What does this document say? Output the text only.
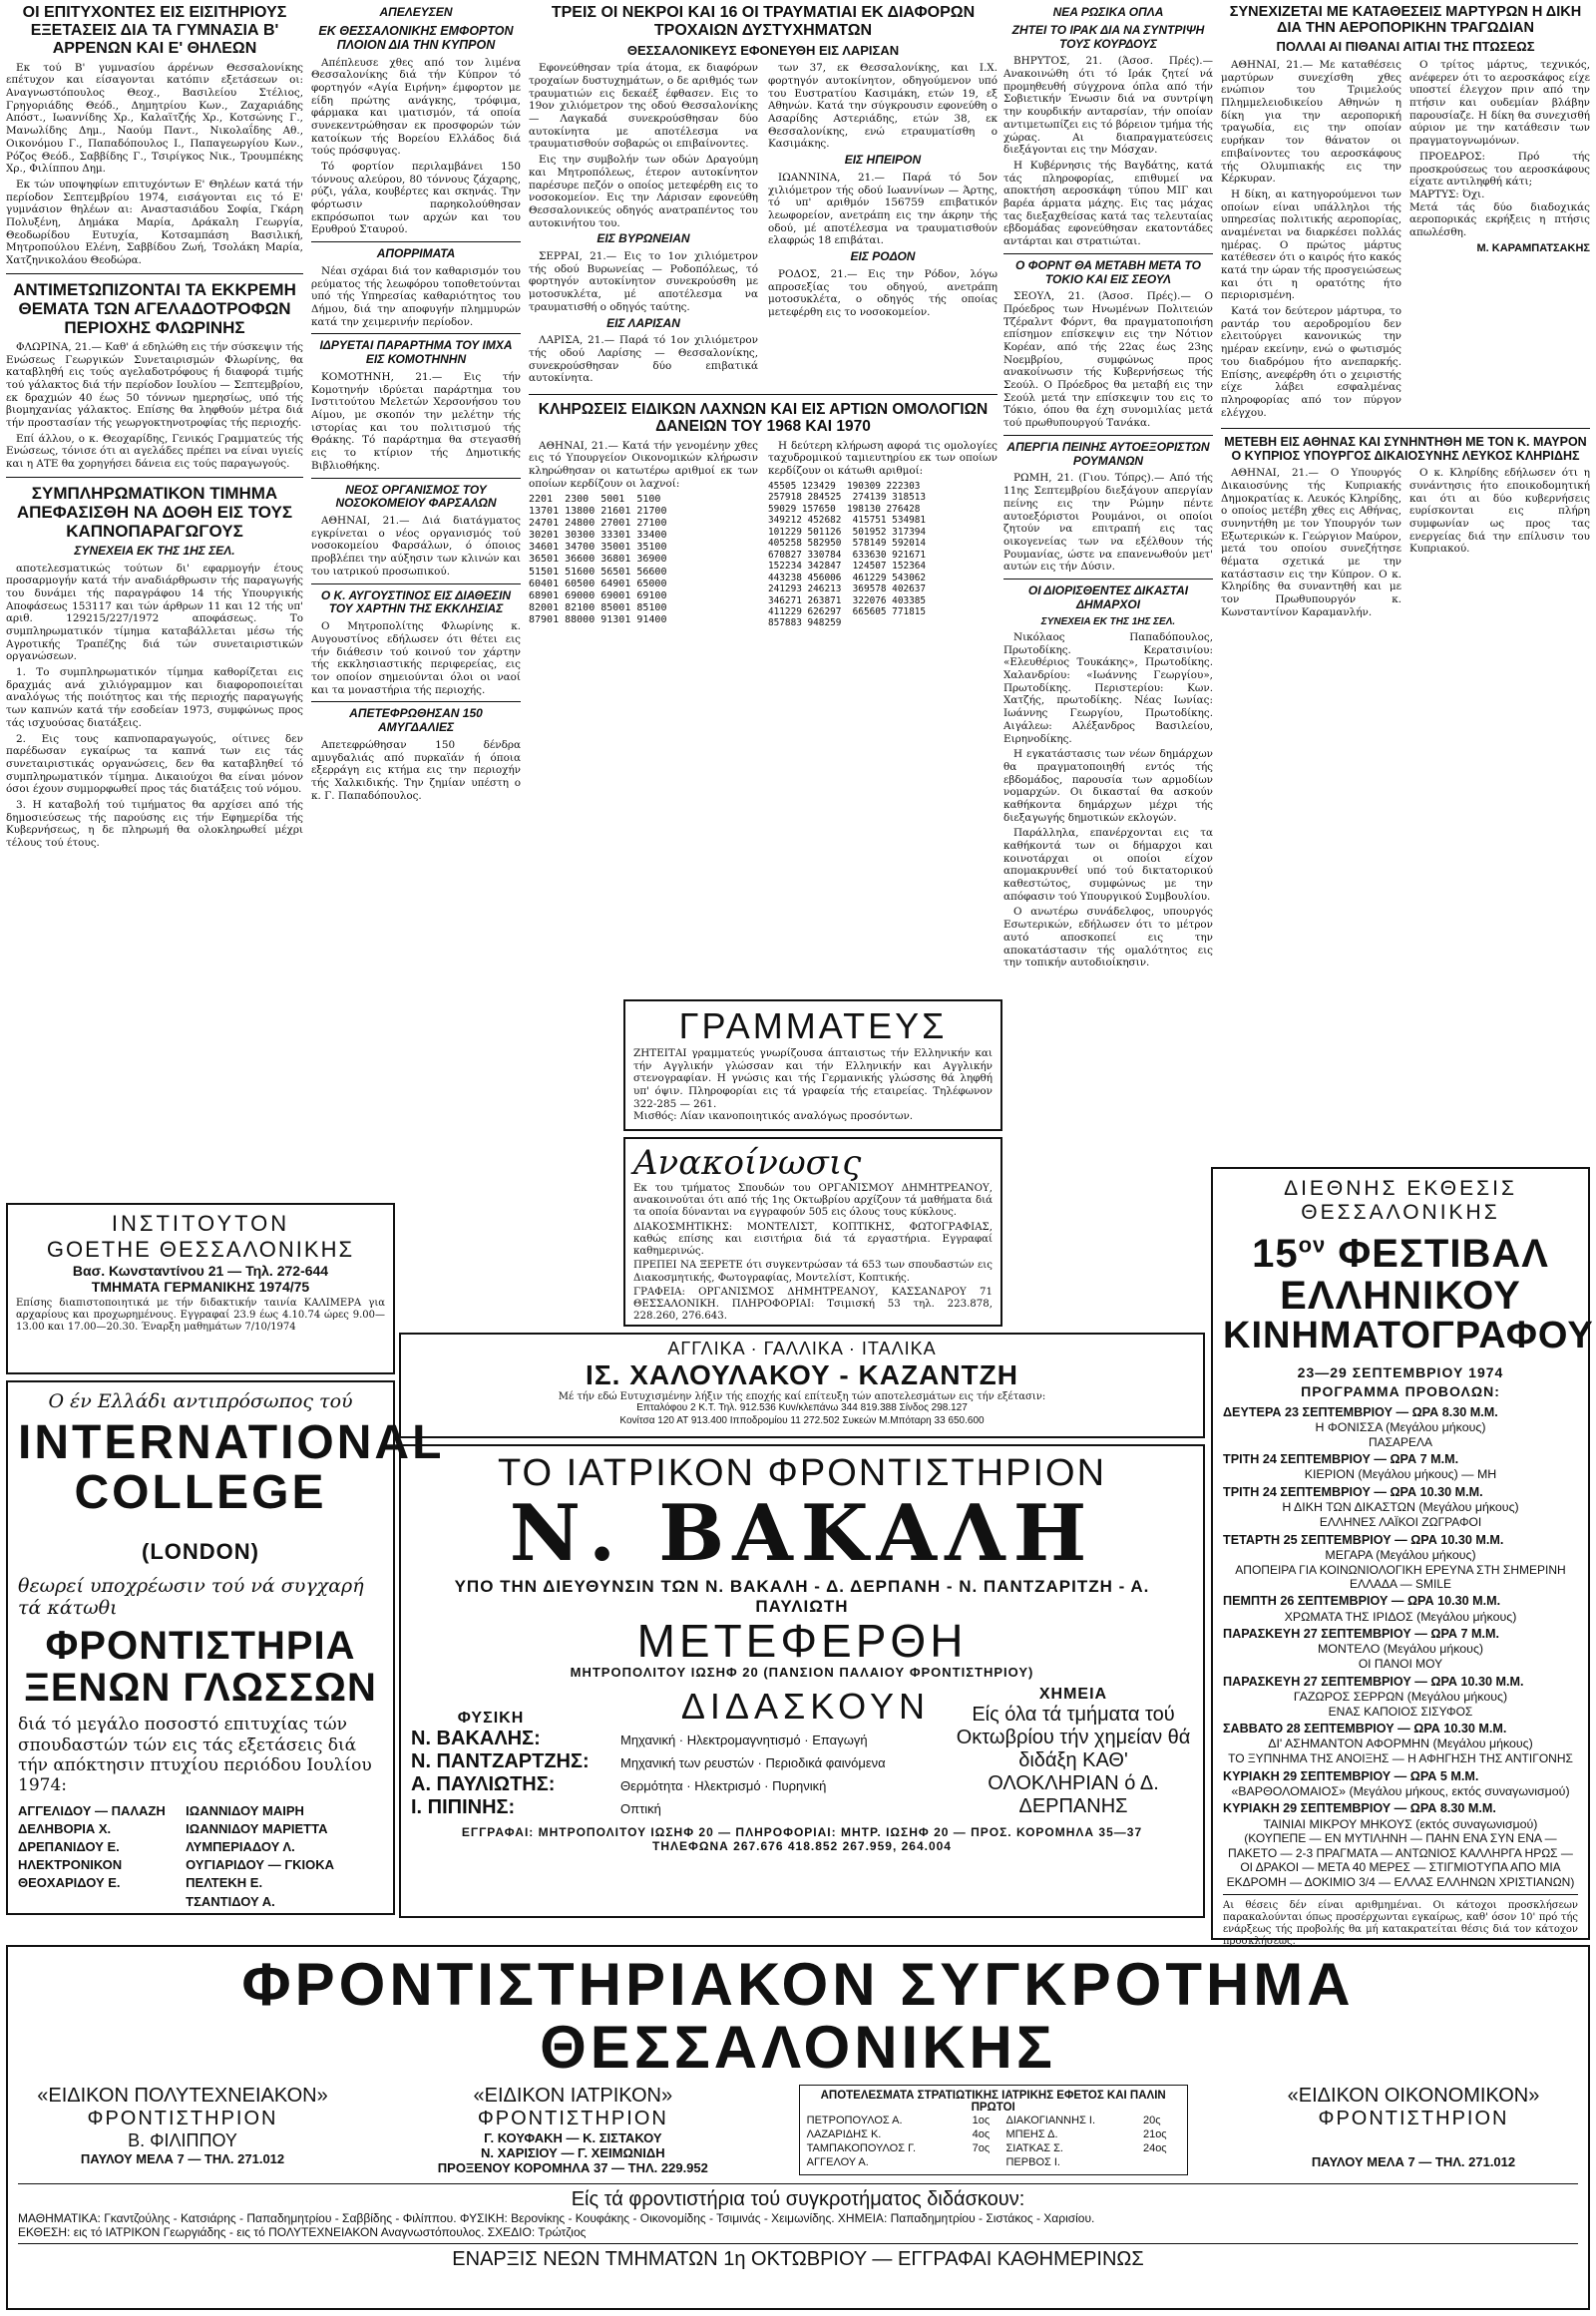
ΟΙ ΕΠΙΤΥΧΟΝΤΕΣ ΕΙΣ ΕΙΣΙΤΗΡΙΟΥΣ ΕΞΕΤΑΣΕΙΣ ΔΙΑ ΤΑ ΓΥΜΝΑΣΙΑ Β' ΑΡΡΕΝΩΝ ΚΑΙ Ε' ΘΗΛΕΩΝ

Εκ τού Β' γυμνασίου άρρένων Θεσσαλονίκης επέτυχον και είσαγονται κατόπιν εξετάσεων οι: Αναγνωστόπουλος Θεοχ., Βασιλείου Στέλιος, Γρηγοριάδης Θεόδ., Δημητρίου Κων., Ζαχαριάδης Απόστ., Ιωαννίδης Χρ., Καλαϊτζής Χρ., Κοτσώνης Γ., Μανωλίδης Δημ., Ναούμ Παντ., Νικολαΐδης Αθ., Οικονόμου Γ., Παπαδόπουλος Ι., Παπαγεωργίου Κων., Ρόζος Θεόδ., Σαββίδης Γ., Τσιρίγκος Νικ., Τρουμπέκης Χρ., Φιλίππου Δημ.

Εκ τών υποψηφίων επιτυχόντων Ε' Θηλέων κατά τήν περίοδον Σεπτεμβρίου 1974, εισάγονται εις τό Ε' γυμνάσιον θηλέων αι: Αναστασιάδου Σοφία, Γκάρη Πολυξένη, Δημάκα Μαρία, Δράκαλη Γεωργία, Θεοδωρίδου Ευτυχία, Κοτσαμπάση Βασιλική, Μητροπούλου Ελένη, Σαββίδου Ζωή, Τσολάκη Μαρία, Χατζηνικολάου Θεοδώρα.

ΑΝΤΙΜΕΤΩΠΙΖΟΝΤΑΙ ΤΑ ΕΚΚΡΕΜΗ ΘΕΜΑΤΑ ΤΩΝ ΑΓΕΛΑΔΟΤΡΟΦΩΝ ΠΕΡΙΟΧΗΣ ΦΛΩΡΙΝΗΣ

ΦΛΩΡΙΝΑ, 21.— Καθ' ά εδηλώθη εις τήν σύσκεψιν τής Ενώσεως Γεωργικών Συνεταιρισμών Φλωρίνης, θα καταβληθή εις τούς αγελαδοτρόφους ή διαφορά τιμής τού γάλακτος διά τήν περίοδον Ιουλίου — Σεπτεμβρίου, εκ δραχμών 40 έως 50 τόννων ημερησίως, υπό τής βιομηχανίας γάλακτος. Επίσης θα ληφθούν μέτρα διά τήν προστασίαν τής γεωργοκτηνοτροφίας τής περιοχής.

Επί άλλου, ο κ. Θεοχαρίδης, Γενικός Γραμματεύς τής Ενώσεως, τόνισε ότι αι αγελάδες πρέπει να είναι υγιείς και η ΑΤΕ θα χορηγήσει δάνεια εις τούς παραγωγούς.

ΣΥΜΠΛΗΡΩΜΑΤΙΚΟΝ ΤΙΜΗΜΑ ΑΠΕΦΑΣΙΣΘΗ ΝΑ ΔΟΘΗ ΕΙΣ ΤΟΥΣ ΚΑΠΝΟΠΑΡΑΓΩΓΟΥΣ
ΣΥΝΕΧΕΙΑ ΕΚ ΤΗΣ 1ΗΣ ΣΕΛ.

αποτελεσματικώς τούτων δι' εφαρμογήν έτους προσαρμογήν κατά τήν αναδιάρθρωσιν τής παραγωγής του δυνάμει τής παραγράφου 14 τής Υπουργικής Αποφάσεως 153117 και τών άρθρων 11 και 12 τής υπ' αριθ. 129215/227/1972 αποφάσεως. Το συμπληρωματικόν τίμημα καταβάλλεται μέσω τής Αγροτικής Τραπέζης διά τών συνεταιριστικών οργανώσεων.

1. Το συμπληρωματικόν τίμημα καθορίζεται εις δραχμάς ανά χιλιόγραμμον και διαφοροποιείται αναλόγως τής ποιότητος και τής περιοχής παραγωγής των καπνών κατά τήν εσοδείαν 1973, συμφώνως προς τάς ισχυούσας διατάξεις.

2. Εις τους καπνοπαραγωγούς, οίτινες δεν παρέδωσαν εγκαίρως τα καπνά των εις τάς συνεταιριστικάς οργανώσεις, δεν θα καταβληθεί τό συμπληρωματικόν τίμημα. Δικαιούχοι θα είναι μόνον όσοι έχουν συμμορφωθεί προς τάς διατάξεις τού νόμου.

3. Η καταβολή τού τιμήματος θα αρχίσει από τής δημοσιεύσεως τής παρούσης εις τήν Εφημερίδα τής Κυβερνήσεως, η δε πληρωμή θα ολοκληρωθεί μέχρι τέλους τού έτους.

ΑΠΕΛΕΥΣΕΝ
ΕΚ ΘΕΣΣΑΛΟΝΙΚΗΣ ΕΜΦΟΡΤΟΝ ΠΛΟΙΟΝ ΔΙΑ ΤΗΝ ΚΥΠΡΟΝ

Απέπλευσε χθες από τον λιμένα Θεσσαλονίκης διά τήν Κύπρον τό φορτηγόν «Αγία Ειρήνη» έμφορτον με είδη πρώτης ανάγκης, τρόφιμα, φάρμακα και ιματισμόν, τά οποία συνεκεντρώθησαν εκ προσφορών τών κατοίκων τής Βορείου Ελλάδος διά τούς πρόσφυγας.

Τό φορτίον περιλαμβάνει 150 τόννους αλεύρου, 80 τόννους ζάχαρης, ρύζι, γάλα, κουβέρτες και σκηνάς. Την φόρτωσιν παρηκολούθησαν εκπρόσωποι των αρχών και του Ερυθρού Σταυρού.

ΑΠΟΡΡΙΜΑΤΑ

Νέαι σχάραι διά τον καθαρισμόν του ρεύματος τής λεωφόρου τοποθετούνται υπό τής Υπηρεσίας καθαριότητος του Δήμου, διά την αποφυγήν πλημμυρών κατά την χειμερινήν περίοδον.

ΙΔΡΥΕΤΑΙ ΠΑΡΑΡΤΗΜΑ ΤΟΥ ΙΜΧΑ ΕΙΣ ΚΟΜΟΤΗΝΗΝ

ΚΟΜΟΤΗΝΗ, 21.— Εις τήν Κομοτηνήν ιδρύεται παράρτημα του Ινστιτούτου Μελετών Χερσονήσου του Αίμου, με σκοπόν την μελέτην τής ιστορίας και του πολιτισμού τής Θράκης. Τό παράρτημα θα στεγασθή εις το κτίριον τής Δημοτικής Βιβλιοθήκης.

ΝΕΟΣ ΟΡΓΑΝΙΣΜΟΣ ΤΟΥ ΝΟΣΟΚΟΜΕΙΟΥ ΦΑΡΣΑΛΩΝ

ΑΘΗΝΑΙ, 21.— Διά διατάγματος εγκρίνεται ο νέος οργανισμός τού νοσοκομείου Φαρσάλων, ό όποιος προβλέπει την αύξησιν των κλινών και του ιατρικού προσωπικού.

Ο Κ. ΑΥΓΟΥΣΤΙΝΟΣ ΕΙΣ ΔΙΑΘΕΣΙΝ ΤΟΥ ΧΑΡΤΗΝ ΤΗΣ ΕΚΚΛΗΣΙΑΣ

Ο Μητροπολίτης Φλωρίνης κ. Αυγουστίνος εδήλωσεν ότι θέτει εις τήν διάθεσιν τού κοινού τον χάρτην τής εκκλησιαστικής περιφερείας, εις τον οποίον σημειούνται όλοι οι ναοί και τα μοναστήρια τής περιοχής.

ΑΠΕΤΕΦΡΩΘΗΣΑΝ 150 ΑΜΥΓΔΑΛΙΕΣ

Απετεφρώθησαν 150 δένδρα αμυγδαλιάς από πυρκαϊάν ή όποια εξερράγη εις κτήμα εις την περιοχήν τής Χαλκιδικής. Την ζημίαν υπέστη ο κ. Γ. Παπαδόπουλος.

ΤΡΕΙΣ ΟΙ ΝΕΚΡΟΙ ΚΑΙ 16 ΟΙ ΤΡΑΥΜΑΤΙΑΙ ΕΚ ΔΙΑΦΟΡΩΝ ΤΡΟΧΑΙΩΝ ΔΥΣΤΥΧΗΜΑΤΩΝ
ΘΕΣΣΑΛΟΝΙΚΕΥΣ ΕΦΟΝΕΥΘΗ ΕΙΣ ΛΑΡΙΣΑΝ

Εφονεύθησαν τρία άτομα, εκ διαφόρων τροχαίων δυστυχημάτων, ο δε αριθμός των τραυματιών εις δεκαέξ έφθασεν. Εις το 19ον χιλιόμετρον της οδού Θεσσαλονίκης — Λαγκαδά συνεκρούσθησαν δύο αυτοκίνητα με αποτέλεσμα να τραυματισθούν σοβαρώς οι επιβαίνοντες.

Εις την συμβολήν των οδών Δραγούμη και Μητροπόλεως, έτερον αυτοκίνητον παρέσυρε πεζόν ο οποίος μετεφέρθη εις το νοσοκομείον. Εις την Λάρισαν εφονεύθη Θεσσαλονικεύς οδηγός ανατραπέντος του αυτοκινήτου του.

ΕΙΣ ΒΥΡΩΝΕΙΑΝ

ΣΕΡΡΑΙ, 21.— Εις το 1ον χιλιόμετρον τής οδού Βυρωνείας — Ροδοπόλεως, τό φορτηγόν αυτοκίνητον συνεκρούσθη με μοτοσυκλέτα, μέ αποτέλεσμα να τραυματισθή ο οδηγός ταύτης.

ΕΙΣ ΛΑΡΙΣΑΝ

ΛΑΡΙΣΑ, 21.— Παρά τό 1ον χιλιόμετρον τής οδού Λαρίσης — Θεσσαλονίκης, συνεκρούσθησαν δύο επιβατικά αυτοκίνητα.

των 37, εκ Θεσσαλονίκης, και Ι.Χ. φορτηγόν αυτοκίνητον, οδηγούμενον υπό του Ευστρατίου Κασιμάκη, ετών 19, εξ Αθηνών. Κατά την σύγκρουσιν εφονεύθη ο Ασαρίδης Αστεριάδης, ετών 38, εκ Θεσσαλονίκης, ενώ ετραυματίσθη ο Κασιμάκης.

ΕΙΣ ΗΠΕΙΡΟΝ

ΙΩΑΝΝΙΝΑ, 21.— Παρά τό 5ον χιλιόμετρον τής οδού Ιωαννίνων — Άρτης, τό υπ' αριθμόν 156759 επιβατικόν λεωφορείον, ανετράπη εις την άκρην τής οδού, μέ αποτέλεσμα να τραυματισθούν ελαφρώς 18 επιβάται.

ΕΙΣ ΡΟΔΟΝ

ΡΟΔΟΣ, 21.— Εις την Ρόδον, λόγω απροσεξίας του οδηγού, ανετράπη μοτοσυκλέτα, ο οδηγός τής οποίας μετεφέρθη εις το νοσοκομείον.

ΚΛΗΡΩΣΕΙΣ ΕΙΔΙΚΩΝ ΛΑΧΝΩΝ ΚΑΙ ΕΙΣ ΑΡΤΙΩΝ ΟΜΟΛΟΓΙΩΝ ΔΑΝΕΙΩΝ ΤΟΥ 1968 ΚΑΙ 1970

ΑΘΗΝΑΙ, 21.— Κατά τήν γενομένην χθες εις τό Υπουργείον Οικονομικών κλήρωσιν κληρώθησαν οι κατωτέρω αριθμοί εκ των οποίων κερδίζουν οι λαχνοί:

2201  2300  5001  5100
13701 13800 21601 21700
24701 24800 27001 27100
30201 30300 33301 33400
34601 34700 35001 35100
36501 36600 36801 36900
51501 51600 56501 56600
60401 60500 64901 65000
68901 69000 69001 69100
82001 82100 85001 85100
87901 88000 91301 91400

Η δεύτερη κλήρωση αφορά τις ομολογίες ταχυδρομικού ταμιευτηρίου εκ των οποίων κερδίζουν οι κάτωθι αριθμοί:

45505 123429  190309 222303
257918 284525  274139 318513
59029 157650  198130 276428
349212 452682  415751 534981
101229 501126  501952 317394
405258 582950  578149 592014
670827 330784  633630 921671
152234 342847  124507 152364
443238 456006  461229 543062
241293 246213  369578 402637
346271 263871  322076 403385
411229 626297  665605 771815
857883 948259
ΝΕΑ ΡΩΣΙΚΑ ΟΠΛΑ
ΖΗΤΕΙ ΤΟ ΙΡΑΚ ΔΙΑ ΝΑ ΣΥΝΤΡΙΨΗ ΤΟΥΣ ΚΟΥΡΔΟΥΣ

ΒΗΡΥΤΟΣ, 21. (Άσοσ. Πρές).— Ανακοινώθη ότι τό Ιράκ ζητεί νά προμηθευθή σύγχρονα όπλα από τήν Σοβιετικήν Ένωσιν διά να συντρίψη την κουρδικήν ανταρσίαν, τήν οποίαν αντιμετωπίζει εις τό βόρειον τμήμα τής χώρας. Αι διαπραγματεύσεις διεξάγονται εις την Μόσχαν.

Η Κυβέρνησις τής Βαγδάτης, κατά τάς πληροφορίας, επιθυμεί να αποκτήση αεροσκάφη τύπου ΜΙΓ και βαρέα άρματα μάχης. Εις τας μάχας τας διεξαχθείσας κατά τας τελευταίας εβδομάδας εφονεύθησαν εκατοντάδες αντάρται και στρατιώται.

Ο ΦΟΡΝΤ ΘΑ ΜΕΤΑΒΗ ΜΕΤΑ ΤΟ ΤΟΚΙΟ ΚΑΙ ΕΙΣ ΣΕΟΥΛ

ΣΕΟΥΛ, 21. (Άσοσ. Πρές).— Ο Πρόεδρος των Ηνωμένων Πολιτειών Τζέραλντ Φόρντ, θα πραγματοποιήση επίσημον επίσκεψιν εις την Νότιον Κορέαν, από τής 22ας έως 23ης Νοεμβρίου, συμφώνως προς ανακοίνωσιν τής Κυβερνήσεως τής Σεούλ. Ο Πρόεδρος θα μεταβή εις την Σεούλ μετά την επίσκεψιν του εις το Τόκιο, όπου θα έχη συνομιλίας μετά τού πρωθυπουργού Τανάκα.

ΑΠΕΡΓΙΑ ΠΕΙΝΗΣ ΑΥΤΟΕΞΟΡΙΣΤΩΝ ΡΟΥΜΑΝΩΝ

ΡΩΜΗ, 21. (Γιου. Τόπρς).— Από τής 11ης Σεπτεμβρίου διεξάγουν απεργίαν πείνης εις την Ρώμην πέντε αυτοεξόριστοι Ρουμάνοι, οι οποίοι ζητούν να επιτραπή εις τας οικογενείας των να εξέλθουν τής Ρουμανίας, ώστε να επανενωθούν μετ' αυτών εις τήν Δύσιν.

ΟΙ ΔΙΟΡΙΣΘΕΝΤΕΣ ΔΙΚΑΣΤΑΙ ΔΗΜΑΡΧΟΙ
ΣΥΝΕΧΕΙΑ ΕΚ ΤΗΣ 1ΗΣ ΣΕΛ.

Νικόλαος Παπαδόπουλος, Πρωτοδίκης. Κερατσινίου: «Ελευθέριος Τουκάκης», Πρωτοδίκης. Χαλανδρίου: «Ιωάννης Γεωργίου», Πρωτοδίκης. Περιστερίου: Κων. Χατζής, πρωτοδίκης. Νέας Ιωνίας: Ιωάννης Γεωργίου, Πρωτοδίκης. Αιγάλεω: Αλέξανδρος Βασιλείου, Ειρηνοδίκης.

Η εγκατάστασις των νέων δημάρχων θα πραγματοποιηθή εντός τής εβδομάδος, παρουσία των αρμοδίων νομαρχών. Οι δικασταί θα ασκούν καθήκοντα δημάρχων μέχρι τής διεξαγωγής δημοτικών εκλογών.

Παράλληλα, επανέρχονται εις τα καθήκοντά των οι δήμαρχοι και κοινοτάρχαι οι οποίοι είχον απομακρυνθεί υπό τού δικτατορικού καθεστώτος, συμφώνως με την απόφασιν τού Υπουργικού Συμβουλίου.

Ο ανωτέρω συνάδελφος, υπουργός Εσωτερικών, εδήλωσεν ότι το μέτρον αυτό αποσκοπεί εις την αποκατάστασιν τής ομαλότητος εις την τοπικήν αυτοδιοίκησιν.

ΣΥΝΕΧΙΖΕΤΑΙ ΜΕ ΚΑΤΑΘΕΣΕΙΣ ΜΑΡΤΥΡΩΝ Η ΔΙΚΗ ΔΙΑ ΤΗΝ ΑΕΡΟΠΟΡΙΚΗΝ ΤΡΑΓΩΔΙΑΝ
ΠΟΛΛΑΙ ΑΙ ΠΙΘΑΝΑΙ ΑΙΤΙΑΙ ΤΗΣ ΠΤΩΣΕΩΣ

ΑΘΗΝΑΙ, 21.— Με καταθέσεις μαρτύρων συνεχίσθη χθες ενώπιον του Τριμελούς Πλημμελειοδικείου Αθηνών η δίκη για την αεροπορική τραγωδία, εις την οποίαν ευρήκαν τον θάνατον οι επιβαίνοντες του αεροσκάφους τής Ολυμπιακής εις την Κέρκυραν.

Η δίκη, αι κατηγορούμενοι των οποίων είναι υπάλληλοι τής υπηρεσίας πολιτικής αεροπορίας, αναμένεται να διαρκέσει πολλάς ημέρας. Ο πρώτος μάρτυς κατέθεσεν ότι ο καιρός ήτο κακός κατά την ώραν τής προσγειώσεως και ότι η ορατότης ήτο περιορισμένη.

Κατά τον δεύτερον μάρτυρα, το ραντάρ του αεροδρομίου δεν ελειτούργει κανονικώς την ημέραν εκείνην, ενώ ο φωτισμός του διαδρόμου ήτο ανεπαρκής. Επίσης, ανεφέρθη ότι ο χειριστής είχε λάβει εσφαλμένας πληροφορίας από τον πύργον ελέγχου.

Ο τρίτος μάρτυς, τεχνικός, ανέφερεν ότι το αεροσκάφος είχε υποστεί έλεγχον πριν από την πτήσιν και ουδεμίαν βλάβην παρουσίαζε. Η δίκη θα συνεχισθή αύριον με την κατάθεσιν των πραγματογνωμόνων.

ΠΡΟΕΔΡΟΣ: Πρό τής προσκρούσεως του αεροσκάφους είχατε αντιληφθή κάτι;
ΜΑΡΤΥΣ: Όχι.
Μετά τάς δύο διαδοχικάς αεροπορικάς εκρήξεις η πτήσις απωλέσθη.

Μ. ΚΑΡΑΜΠΑΤΣΑΚΗΣ
ΜΕΤΕΒΗ ΕΙΣ ΑΘΗΝΑΣ ΚΑΙ ΣΥΝΗΝΤΗΘΗ ΜΕ ΤΟΝ Κ. ΜΑΥΡΟΝ Ο ΚΥΠΡΙΟΣ ΥΠΟΥΡΓΟΣ ΔΙΚΑΙΟΣΥΝΗΣ ΛΕΥΚΟΣ ΚΛΗΡΙΔΗΣ

ΑΘΗΝΑΙ, 21.— Ο Υπουργός Δικαιοσύνης τής Κυπριακής Δημοκρατίας κ. Λευκός Κληρίδης, ο οποίος μετέβη χθες εις Αθήνας, συνηντήθη με τον Υπουργόν των Εξωτερικών κ. Γεώργιον Μαύρον, μετά του οποίου συνεζήτησε θέματα σχετικά με την κατάστασιν εις την Κύπρον. Ο κ. Κληρίδης θα συναντηθή και με τον Πρωθυπουργόν κ. Κωνσταντίνον Καραμανλήν.

Ο κ. Κληρίδης εδήλωσεν ότι η συνάντησις ήτο εποικοδομητική και ότι αι δύο κυβερνήσεις ευρίσκονται εις πλήρη συμφωνίαν ως προς τας ενεργείας διά την επίλυσιν του Κυπριακού.

ΔΙΕΘΝΗΣ ΕΚΘΕΣΙΣ
ΘΕΣΣΑΛΟΝΙΚΗΣ
$15^{o\nu}$ ΦΕΣΤΙΒΑΛ
ΕΛΛΗΝΙΚΟΥ
ΚΙΝΗΜΑΤΟΓΡΑΦΟΥ
23—29 ΣΕΠΤΕΜΒΡΙΟΥ 1974
ΠΡΟΓΡΑΜΜΑ ΠΡΟΒΟΛΩΝ:
ΔΕΥΤΕΡΑ 23 ΣΕΠΤΕΜΒΡΙΟΥ — ΩΡΑ 8.30 Μ.Μ.
Η ΦΟΝΙΣΣΑ (Μεγάλου μήκους)
ΠΑΣΑΡΕΛΑ
ΤΡΙΤΗ 24 ΣΕΠΤΕΜΒΡΙΟΥ — ΩΡΑ 7 Μ.Μ.
ΚΙΕΡΙΟΝ (Μεγάλου μήκους) — ΜΗ
ΤΡΙΤΗ 24 ΣΕΠΤΕΜΒΡΙΟΥ — ΩΡΑ 10.30 Μ.Μ.
Η ΔΙΚΗ ΤΩΝ ΔΙΚΑΣΤΩΝ (Μεγάλου μήκους)
ΕΛΛΗΝΕΣ ΛΑΪΚΟΙ ΖΩΓΡΑΦΟΙ
ΤΕΤΑΡΤΗ 25 ΣΕΠΤΕΜΒΡΙΟΥ — ΩΡΑ 10.30 Μ.Μ.
ΜΕΓΑΡΑ (Μεγάλου μήκους)
ΑΠΟΠΕΙΡΑ ΓΙΑ ΚΟΙΝΩΝΙΟΛΟΓΙΚΗ ΕΡΕΥΝΑ ΣΤΗ ΣΗΜΕΡΙΝΗ ΕΛΛΑΔΑ — SMILE
ΠΕΜΠΤΗ 26 ΣΕΠΤΕΜΒΡΙΟΥ — ΩΡΑ 10.30 Μ.Μ.
ΧΡΩΜΑΤΑ ΤΗΣ ΙΡΙΔΟΣ (Μεγάλου μήκους)
ΠΑΡΑΣΚΕΥΗ 27 ΣΕΠΤΕΜΒΡΙΟΥ — ΩΡΑ 7 Μ.Μ.
ΜΟΝΤΕΛΟ (Μεγάλου μήκους)
ΟΙ ΠΑΝΟΙ ΜΟΥ
ΠΑΡΑΣΚΕΥΗ 27 ΣΕΠΤΕΜΒΡΙΟΥ — ΩΡΑ 10.30 Μ.Μ.
ΓΑΖΩΡΟΣ ΣΕΡΡΩΝ (Μεγάλου μήκους)
ΕΝΑΣ ΚΑΠΟΙΟΣ ΣΙΣΥΦΟΣ
ΣΑΒΒΑΤΟ 28 ΣΕΠΤΕΜΒΡΙΟΥ — ΩΡΑ 10.30 Μ.Μ.
ΔΙ' ΑΣΗΜΑΝΤΟΝ ΑΦΟΡΜΗΝ (Μεγάλου μήκους)
ΤΟ ΞΥΠΝΗΜΑ ΤΗΣ ΑΝΟΙΞΗΣ — Η ΑΦΗΓΗΣΗ ΤΗΣ ΑΝΤΙΓΟΝΗΣ
ΚΥΡΙΑΚΗ 29 ΣΕΠΤΕΜΒΡΙΟΥ — ΩΡΑ 5 Μ.Μ.
«ΒΑΡΘΟΛΟΜΑΙΟΣ» (Μεγάλου μήκους, εκτός συναγωνισμού)
ΚΥΡΙΑΚΗ 29 ΣΕΠΤΕΜΒΡΙΟΥ — ΩΡΑ 8.30 Μ.Μ.
ΤΑΙΝΙΑΙ ΜΙΚΡΟΥ ΜΗΚΟΥΣ (εκτός συναγωνισμού)
(ΚΟΥΠΕΠΕ — ΕΝ ΜΥΤΙΛΗΝΗ — ΠΑΗΝ ΕΝΑ ΣΥΝ ΕΝΑ — ΠΑΚΕΤΟ — 2-3 ΠΡΑΓΜΑΤΑ — ΑΝΤΩΝΙΟΣ ΚΑΛΛΗΡΓΑ ΗΡΩΣ — ΟΙ ΔΡΑΚΟΙ — ΜΕΤΑ 40 ΜΕΡΕΣ — ΣΤΙΓΜΙΟΤΥΠΑ ΑΠΟ ΜΙΑ ΕΚΔΡΟΜΗ — ΔΟΚΙΜΙΟ 3/4 — ΕΛΛΑΣ ΕΛΛΗΝΩΝ ΧΡΙΣΤΙΑΝΩΝ)
Αι θέσεις δέν είναι αριθμημέναι. Οι κάτοχοι προσκλήσεων παρακαλούνται όπως προσέρχωνται εγκαίρως, καθ' όσον 10' πρό τής ενάρξεως τής προβολής θα μή κατακρατείται θέσις διά τον κάτοχον προσκλήσεως.
ΙΝΣΤΙΤΟΥΤΟΝ
GOETHE ΘΕΣΣΑΛΟΝΙΚΗΣ
Βασ. Κωνσταντίνου 21 — Τηλ. 272-644
ΤΜΗΜΑΤΑ ΓΕΡΜΑΝΙΚΗΣ 1974/75
Επίσης διαπιστοποιητικά με τήν διδακτικήν ταινία ΚΑΛΙΜΕΡΑ για αρχαρίους και προχωρημένους. Εγγραφαί 23.9 έως 4.10.74 ώρες 9.00—13.00 και 17.00—20.30. Έναρξη μαθημάτων 7/10/1974
Ο έν Ελλάδι αντιπρόσωπος τού
INTERNATIONAL
COLLEGE (LONDON)
θεωρεί υποχρέωσιν τού νά συγχαρή τά κάτωθι
ΦΡΟΝΤΙΣΤΗΡΙΑ
ΞΕΝΩΝ ΓΛΩΣΣΩΝ
διά τό μεγάλο ποσοστό επιτυχίας τών σπουδαστών τών εις τάς εξετάσεις διά τήν απόκτησιν πτυχίου περιόδου Ιουλίου 1974:
ΑΓΓΕΛΙΔΟΥ — ΠΑΛΑΖΗ
ΔΕΛΗΒΟΡΙΑ Χ.
ΔΡΕΠΑΝΙΔΟΥ Ε.
ΗΛΕΚΤΡΟΝΙΚΟΝ
ΘΕΟΧΑΡΙΔΟΥ Ε.
ΙΩΑΝΝΙΔΟΥ ΜΑΙΡΗ
ΙΩΑΝΝΙΔΟΥ ΜΑΡΙΕΤΤΑ
ΛΥΜΠΕΡΙΑΔΟΥ Λ.
ΟΥΓΙΑΡΙΔΟΥ — ΓΚΙΟΚΑ
ΠΕΛΤΕΚΗ Ε.
ΤΣΑΝΤΙΔΟΥ Α.
ΓΡΑΜΜΑΤΕΥΣ
ΖΗΤΕΙΤΑΙ γραμματεύς γνωρίζουσα άπταιστως τήν Ελληνικήν και τήν Αγγλικήν γλώσσαν και τήν Ελληνικήν και Αγγλικήν στενογραφίαν. Η γνώσις και τής Γερμανικής γλώσσης θά ληφθή υπ' όψιν. Πληροφορίαι εις τά γραφεία τής εταιρείας. Τηλέφωνον 322-285 — 261.
Μισθός: Λίαν ικανοποιητικός αναλόγως προσόντων.
Ανακοίνωσις
Εκ του τμήματος Σπουδών του ΟΡΓΑΝΙΣΜΟΥ ΔΗΜΗΤΡΕΑΝΟΥ, ανακοινούται ότι από τής 1ης Οκτωβρίου αρχίζουν τά μαθήματα διά τα οποία δύνανται να εγγραφούν 505 εις όλους τους κύκλους.
ΔΙΑΚΟΣΜΗΤΙΚΗΣ: ΜΟΝΤΕΛΙΣΤ, ΚΟΠΤΙΚΗΣ, ΦΩΤΟΓΡΑΦΙΑΣ, καθώς επίσης και εισιτήρια διά τά εργαστήρια. Εγγραφαί καθημερινώς.
ΠΡΕΠΕΙ ΝΑ ΞΕΡΕΤΕ ότι συγκεντρώσαν τά 653 των σπουδαστών εις Διακοσμητικής, Φωτογραφίας, Μοντελίστ, Κοπτικής.
ΓΡΑΦΕΙΑ: ΟΡΓΑΝΙΣΜΟΣ ΔΗΜΗΤΡΕΑΝΟΥ, ΚΑΣΣΑΝΔΡΟΥ 71 ΘΕΣΣΑΛΟΝΙΚΗ. ΠΛΗΡΟΦΟΡΙΑΙ: Τσιμισκή 53 τηλ. 223.878, 228.260, 276.643.
ΑΓΓΛΙΚΑ · ΓΑΛΛΙΚΑ · ΙΤΑΛΙΚΑ
ΙΣ. ΧΑΛΟΥΛΑΚΟΥ - ΚΑΖΑΝΤΖΗ
Μέ τήν εδώ Ευτυχισμένην λήξιν τής εποχής καί επίτευξη τών αποτελεσμάτων εις τήν εξέτασιν:
Επταλόφου 2 Κ.Τ. Τηλ. 912.536 Κυν/κλεπάνω 344 819.388 Σίνδος 298.127
Κονίτσα 120 ΑΤ 913.400 Ιπποδρομίου 11 272.502 Συκεών Μ.Μπόταρη 33 650.600
ΤΟ ΙΑΤΡΙΚΟΝ ΦΡΟΝΤΙΣΤΗΡΙΟΝ
Ν. ΒΑΚΑΛΗ
ΥΠΟ ΤΗΝ ΔΙΕΥΘΥΝΣΙΝ ΤΩΝ Ν. ΒΑΚΑΛΗ - Δ. ΔΕΡΠΑΝΗ - Ν. ΠΑΝΤΖΑΡΙΤΖΗ - Α. ΠΑΥΛΙΩΤΗ
ΜΕΤΕΦΕΡΘΗ
ΜΗΤΡΟΠΟΛΙΤΟΥ ΙΩΣΗΦ 20 (ΠΑΝΣΙΟΝ ΠΑΛΑΙΟΥ ΦΡΟΝΤΙΣΤΗΡΙΟΥ)
ΦΥΣΙΚΗ	ΔΙΔΑΣΚΟΥΝ
Ν. ΒΑΚΑΛΗΣ:	Μηχανική · Ηλεκτρομαγνητισμό · Επαγωγή
Ν. ΠΑΝΤΖΑΡΤΖΗΣ:	Μηχανική των ρευστών · Περιοδικά φαινόμενα
Α. ΠΑΥΛΙΩΤΗΣ:	Θερμότητα · Ηλεκτρισμό · Πυρηνική
Ι. ΠΙΠΙΝΗΣ:	Οπτική
ΧΗΜΕΙΑ
Είς όλα τά τμήματα τού Οκτωβρίου τήν χημείαν θά διδάξη ΚΑΘ' ΟΛΟΚΛΗΡΙΑΝ ό Δ. ΔΕΡΠΑΝΗΣ
ΕΓΓΡΑΦΑΙ: ΜΗΤΡΟΠΟΛΙΤΟΥ ΙΩΣΗΦ 20 — ΠΛΗΡΟΦΟΡΙΑΙ: ΜΗΤΡ. ΙΩΣΗΦ 20 — ΠΡΟΣ. ΚΟΡΟΜΗΛΑ 35—37
ΤΗΛΕΦΩΝΑ 267.676 418.852 267.959, 264.004
ΦΡΟΝΤΙΣΤΗΡΙΑΚΟΝ ΣΥΓΚΡΟΤΗΜΑ ΘΕΣΣΑΛΟΝΙΚΗΣ
«ΕΙΔΙΚΟΝ ΠΟΛΥΤΕΧΝΕΙΑΚΟΝ»
ΦΡΟΝΤΙΣΤΗΡΙΟΝ
Β. ΦΙΛΙΠΠΟΥ
ΠΑΥΛΟΥ ΜΕΛΑ 7 — ΤΗΛ. 271.012
«ΕΙΔΙΚΟΝ ΙΑΤΡΙΚΟΝ»
ΦΡΟΝΤΙΣΤΗΡΙΟΝ
Γ. ΚΟΥΦΑΚΗ — Κ. ΣΙΣΤΑΚΟΥ
Ν. ΧΑΡΙΣΙΟΥ — Γ. ΧΕΙΜΩΝΙΔΗ
ΠΡΟΞΕΝΟΥ ΚΟΡΟΜΗΛΑ 37 — ΤΗΛ. 229.952
ΑΠΟΤΕΛΕΣΜΑΤΑ ΣΤΡΑΤΙΩΤΙΚΗΣ ΙΑΤΡΙΚΗΣ ΕΦΕΤΟΣ ΚΑΙ ΠΑΛΙΝ ΠΡΩΤΟΙ
ΠΕΤΡΟΠΟΥΛΟΣ Α.	1ος	ΔΙΑΚΟΓΙΑΝΝΗΣ Ι.	20ς
ΛΑΖΑΡΙΔΗΣ Κ.	4ος	ΜΠΕΗΣ Δ.	21ος
ΤΑΜΠΑΚΟΠΟΥΛΟΣ Γ.	7ος	ΣΙΑΤΚΑΣ Σ.	24ος
ΑΓΓΕΛΟΥ Α.		ΠΕΡΒΟΣ Ι.	
«ΕΙΔΙΚΟΝ ΟΙΚΟΝΟΜΙΚΟΝ»
ΦΡΟΝΤΙΣΤΗΡΙΟΝ
ΠΑΥΛΟΥ ΜΕΛΑ 7 — ΤΗΛ. 271.012
Είς τά φροντιστήρια τού συγκροτήματος διδάσκουν:
ΜΑΘΗΜΑΤΙΚΑ: Γκαντζούλης - Κατσιάρης - Παπαδημητρίου - Σαββίδης - Φιλίππου. ΦΥΣΙΚΗ: Βερονίκης - Κουφάκης - Οικονομίδης - Τσιμινάς - Χειμωνίδης. ΧΗΜΕΙΑ: Παπαδημητρίου - Σιστάκος - Χαρισίου.
ΕΚΘΕΣΗ: εις τό ΙΑΤΡΙΚΟΝ Γεωργιάδης - εις τό ΠΟΛΥΤΕΧΝΕΙΑΚΟΝ Αναγνωστόπουλος. ΣΧΕΔΙΟ: Τρώτζιος
ΕΝΑΡΞΙΣ ΝΕΩΝ ΤΜΗΜΑΤΩΝ 1η ΟΚΤΩΒΡΙΟΥ — ΕΓΓΡΑΦΑΙ ΚΑΘΗΜΕΡΙΝΩΣ
